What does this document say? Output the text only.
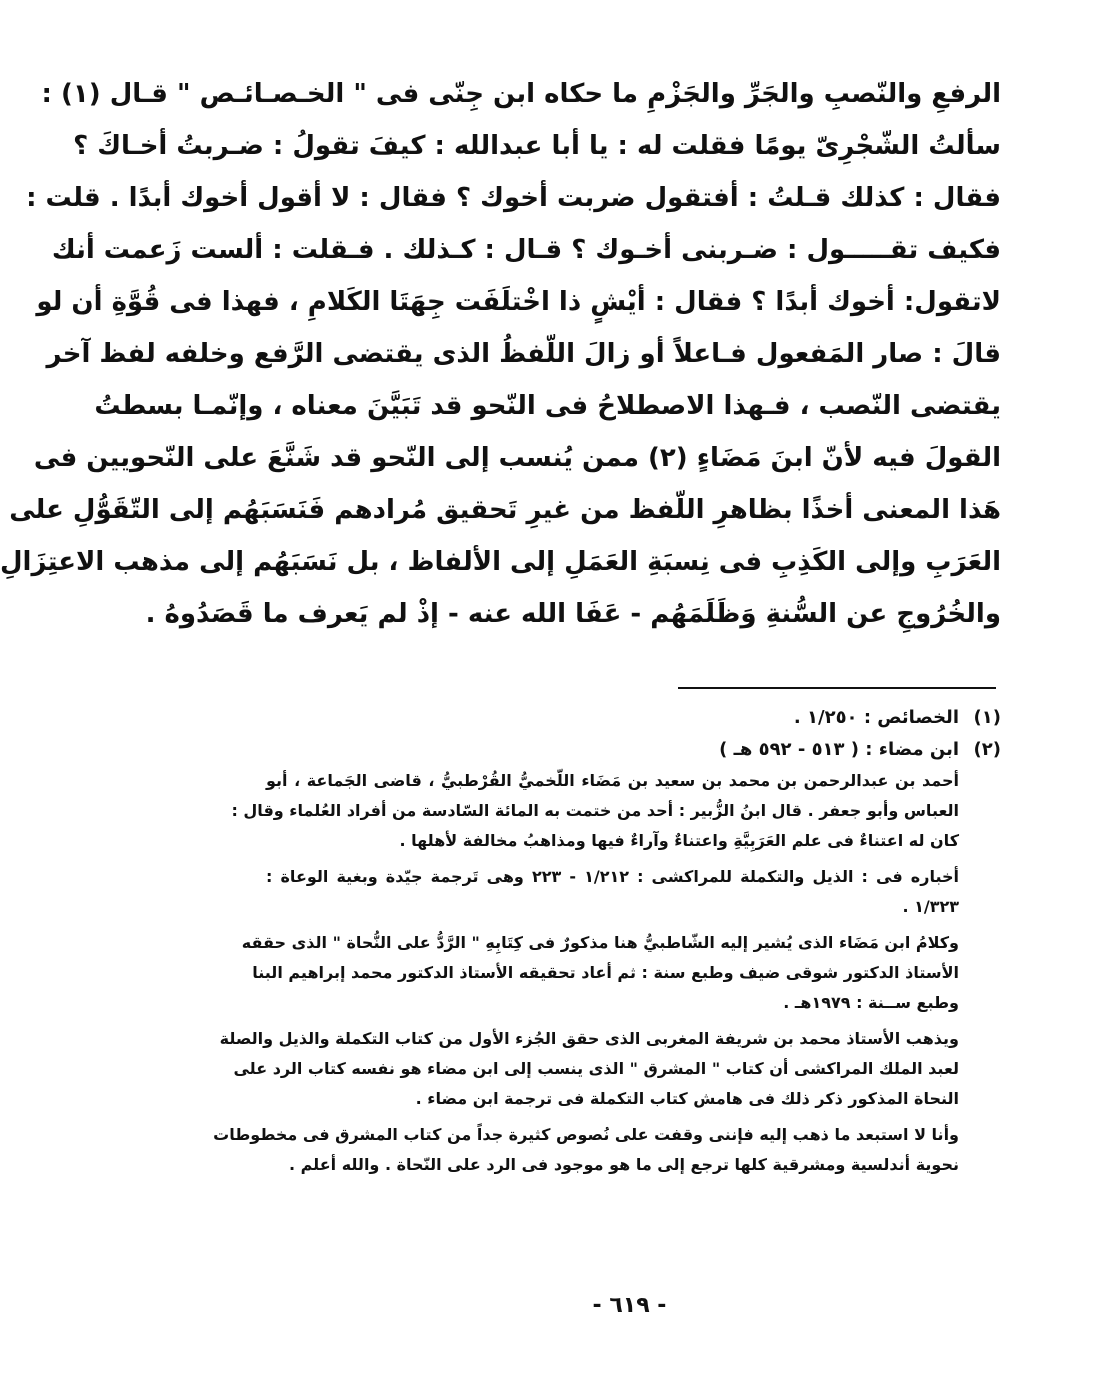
الرفعِ والنّصبِ والجَرِّ والجَزْمِ ما حكاه ابن جِنّى فى " الخـصـائـص " قـال (١) :
سألتُ الشّجْرِىّ يومًا فقلت له : يا أبا عبدالله : كيفَ تقولُ : ضـربتُ أخـاكَ ؟
فقال : كذلك قـلتُ : أفتقول ضربت أخوك ؟ فقال : لا أقول أخوك أبدًا . قلت :
فكيف تقـــــول : ضـربنى أخـوك ؟ قـال : كـذلك . فـقلت : ألست زَعمت أنك
لاتقول: أخوك أبدًا ؟ فقال : أيْشٍ ذا اخْتلَفَت جِهَتَا الكَلامِ ، فهذا فى قُوَّةِ أن لو
قالَ : صار المَفعول فـاعلاً أو زالَ اللّفظُ الذى يقتضى الرَّفع وخلفه لفظ آخر
يقتضى النّصب ، فـهذا الاصطلاحُ فى النّحو قد تَبَيَّنَ معناه ، وإنّمـا بسطتُ
القولَ فيه لأنّ ابنَ مَضَاءٍ (٢) ممن يُنسب إلى النّحو قد شَنَّعَ على النّحويين فى
هَذا المعنى أخذًا بظاهرِ اللّفظ من غيرِ تَحقيق مُرادهم فَنَسَبَهُم إلى التّقَوُّلِ على
العَرَبِ وإلى الكَذِبِ فى نِسبَةِ العَمَلِ إلى الألفاظ ، بل نَسَبَهُم إلى مذهب الاعتِزَالِ
والخُرُوجِ عن السُّنةِ وَظَلَمَهُم - عَفَا الله عنه - إذْ لم يَعرف ما قَصَدُوهُ .
(١)الخصائص : ١/٢٥٠ .
(٢)ابن مضاء : ( ٥١٣ - ٥٩٢ هـ )
أحمد بن عبدالرحمن بن محمد بن سعيد بن مَضَاء اللّخميُّ القُرْطبيُّ ، قاضى الجَماعة ، أبو
العباس وأبو جعفر . قال ابنُ الزُّبير : أحد من ختمت به المائة السّادسة من أفراد العُلماء وقال :
كان له اعتناءٌ فى علم العَرَبِيَّةِ واعتناءٌ وآراءٌ فيها ومذاهبُ مخالفة لأهلها .
أخباره فى : الذيل والتكملة للمراكشى : ١/٢١٢ - ٢٢٣ وهى تَرجمة جيّدة وبغية الوعاة :
١/٣٢٣ .
وكلامُ ابن مَضَاء الذى يُشير إليه الشّاطبيُّ هنا مذكورٌ فى كِتَابِهِ " الرَّدُّ على النُّحاة " الذى حققه
الأستاذ الدكتور شوقى ضيف وطبع سنة : ثم أعاد تحقيقه الأستاذ الدكتور محمد إبراهيم البنا
وطبع ســنة : ١٩٧٩هـ .
ويذهب الأستاذ محمد بن شريفة المغربى الذى حقق الجُزء الأول من كتاب التكملة والذيل والصلة
لعبد الملك المراكشى أن كتاب " المشرق " الذى ينسب إلى ابن مضاء هو نفسه كتاب الرد على
النحاة المذكور ذكر ذلك فى هامش كتاب التكملة فى ترجمة ابن مضاء .
وأنا لا استبعد ما ذهب إليه فإننى وقفت على نُصوص كثيرة جداً من كتاب المشرق فى مخطوطات
نحوية أندلسية ومشرقية كلها ترجع إلى ما هو موجود فى الرد على النّحاة . والله أعلم .
- ٦١٩ -
